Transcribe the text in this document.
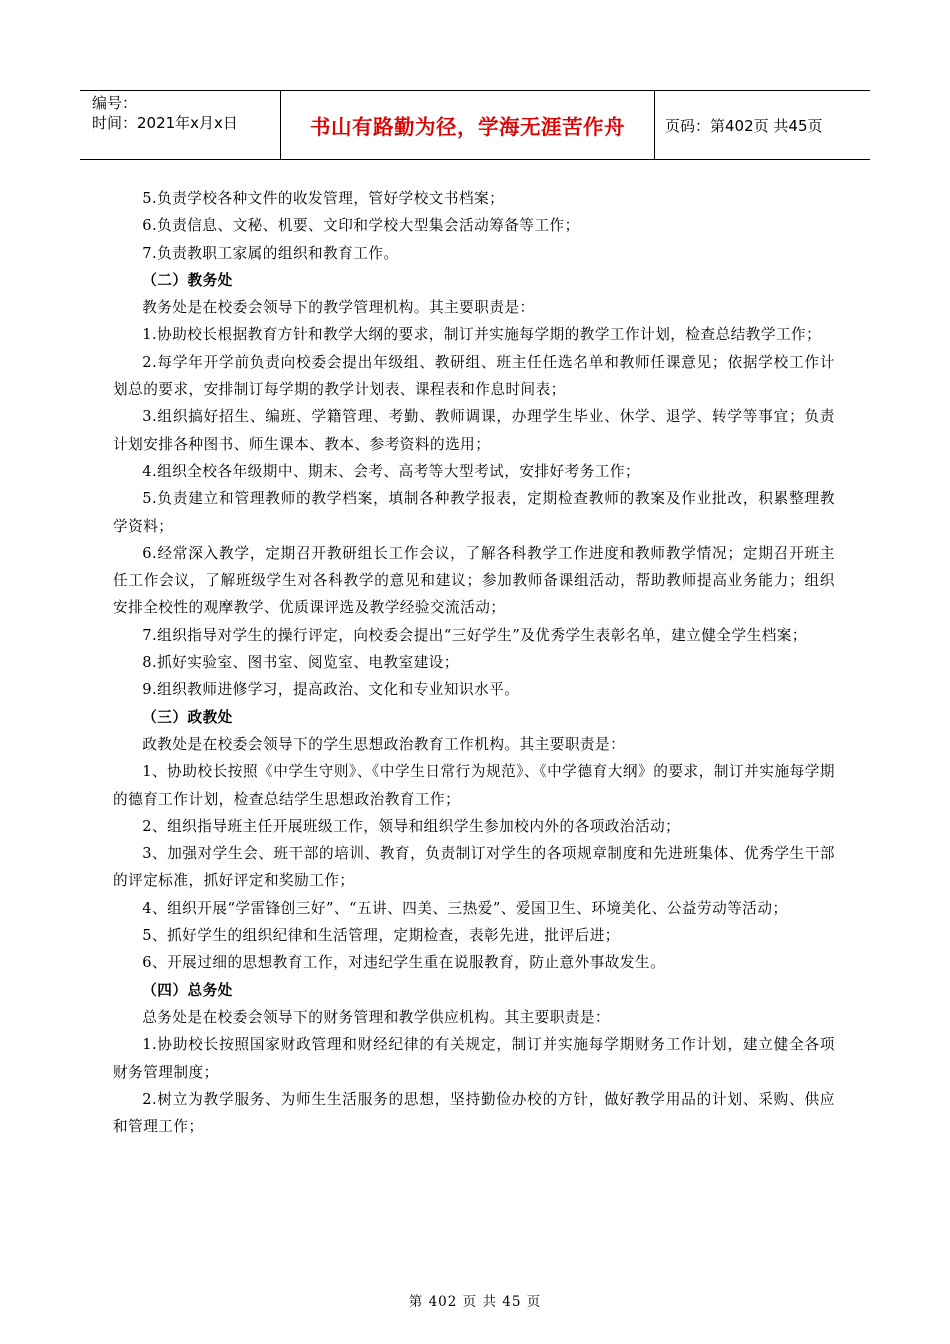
编号：
时间：2021年x月x日	书山有路勤为径，学海无涯苦作舟	页码：第402页 共45页

5.负责学校各种文件的收发管理，管好学校文书档案；

6.负责信息、文秘、机要、文印和学校大型集会活动筹备等工作；

7.负责教职工家属的组织和教育工作。

（二）教务处

教务处是在校委会领导下的教学管理机构。其主要职责是：

1.协助校长根据教育方针和教学大纲的要求，制订并实施每学期的教学工作计划，检查总结教学工作；

2.每学年开学前负责向校委会提出年级组、教研组、班主任任选名单和教师任课意见；依据学校工作计划总的要求，安排制订每学期的教学计划表、课程表和作息时间表；

3.组织搞好招生、编班、学籍管理、考勤、教师调课，办理学生毕业、休学、退学、转学等事宜；负责计划安排各种图书、师生课本、教本、参考资料的选用；

4.组织全校各年级期中、期末、会考、高考等大型考试，安排好考务工作；

5.负责建立和管理教师的教学档案，填制各种教学报表，定期检查教师的教案及作业批改，积累整理教学资料；

6.经常深入教学，定期召开教研组长工作会议，了解各科教学工作进度和教师教学情况；定期召开班主任工作会议，了解班级学生对各科教学的意见和建议；参加教师备课组活动，帮助教师提高业务能力；组织安排全校性的观摩教学、优质课评选及教学经验交流活动；

7.组织指导对学生的操行评定，向校委会提出“三好学生”及优秀学生表彰名单，建立健全学生档案；

8.抓好实验室、图书室、阅览室、电教室建设；

9.组织教师进修学习，提高政治、文化和专业知识水平。

（三）政教处

政教处是在校委会领导下的学生思想政治教育工作机构。其主要职责是：

1、协助校长按照《中学生守则》、《中学生日常行为规范》、《中学德育大纲》的要求，制订并实施每学期的德育工作计划，检查总结学生思想政治教育工作；

2、组织指导班主任开展班级工作，领导和组织学生参加校内外的各项政治活动；

3、加强对学生会、班干部的培训、教育，负责制订对学生的各项规章制度和先进班集体、优秀学生干部的评定标准，抓好评定和奖励工作；

4、组织开展“学雷锋创三好”、“五讲、四美、三热爱”、爱国卫生、环境美化、公益劳动等活动；

5、抓好学生的组织纪律和生活管理，定期检查，表彰先进，批评后进；

6、开展过细的思想教育工作，对违纪学生重在说服教育，防止意外事故发生。

（四）总务处

总务处是在校委会领导下的财务管理和教学供应机构。其主要职责是：

1.协助校长按照国家财政管理和财经纪律的有关规定，制订并实施每学期财务工作计划，建立健全各项财务管理制度；

2.树立为教学服务、为师生生活服务的思想，坚持勤俭办校的方针，做好教学用品的计划、采购、供应和管理工作；

第 402 页 共 45 页
